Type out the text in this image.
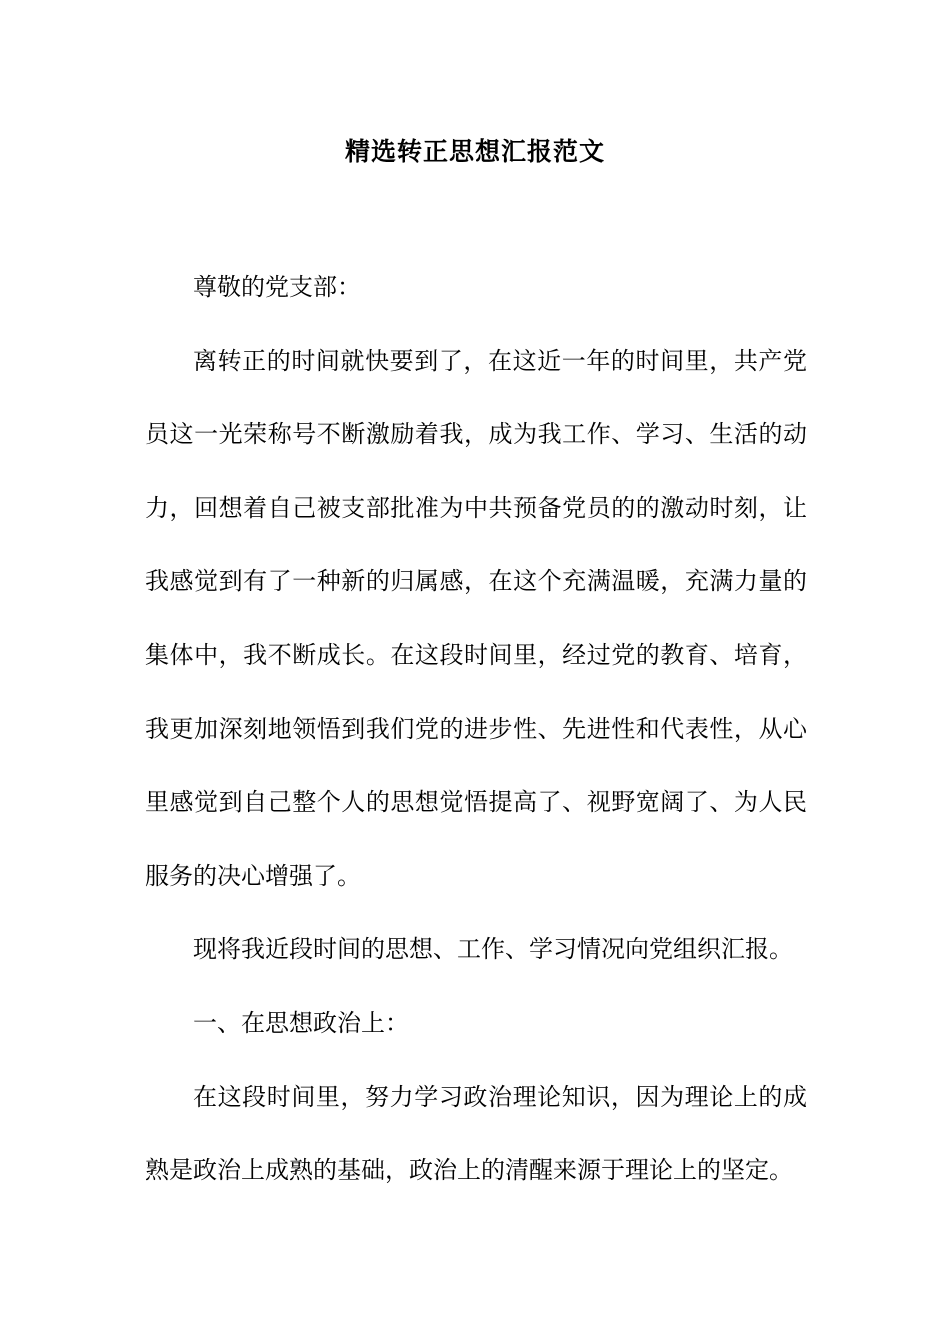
精选转正思想汇报范文

尊敬的党支部：

离转正的时间就快要到了，在这近一年的时间里，共产党员这一光荣称号不断激励着我，成为我工作、学习、生活的动力，回想着自己被支部批准为中共预备党员的的激动时刻，让我感觉到有了一种新的归属感，在这个充满温暖，充满力量的集体中，我不断成长。在这段时间里，经过党的教育、培育，我更加深刻地领悟到我们党的进步性、先进性和代表性，从心里感觉到自己整个人的思想觉悟提高了、视野宽阔了、为人民服务的决心增强了。

现将我近段时间的思想、工作、学习情况向党组织汇报。

一、在思想政治上：

在这段时间里，努力学习政治理论知识，因为理论上的成熟是政治上成熟的基础，政治上的清醒来源于理论上的坚定。
